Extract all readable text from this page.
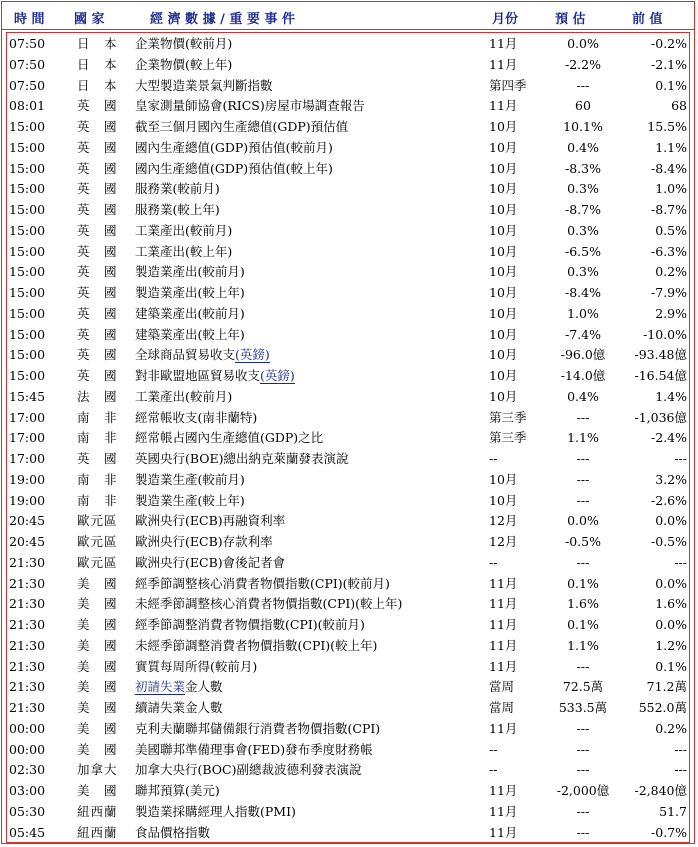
時 間 國 家	經 濟 數 據 / 重 要 事 件	月份	預 估	前 值
07:50	日　本 企業物價(較前月)	11月	0.0%	-0.2%
07:50	日　本 企業物價(較上年)	11月	-2.2%	-2.1%
07:50	日　本 大型製造業景氣判斷指數	第四季	---	0.1%
08:01	英　國 皇家測量師協會(RICS)房屋市場調查報告	11月	60	68
15:00	英　國 截至三個月國內生產總值(GDP)預估值	10月	10.1%	15.5%
15:00	英　國 國內生產總值(GDP)預估值(較前月)	10月	0.4%	1.1%
15:00	英　國 國內生產總值(GDP)預估值(較上年)	10月	-8.3%	-8.4%
15:00	英　國 服務業(較前月)	10月	0.3%	1.0%
15:00	英　國 服務業(較上年)	10月	-8.7%	-8.7%
15:00	英　國 工業產出(較前月)	10月	0.3%	0.5%
15:00	英　國 工業產出(較上年)	10月	-6.5%	-6.3%
15:00	英　國 製造業產出(較前月)	10月	0.3%	0.2%
15:00	英　國 製造業產出(較上年)	10月	-8.4%	-7.9%
15:00	英　國 建築業產出(較前月)	10月	1.0%	2.9%
15:00	英　國 建築業產出(較上年)	10月	-7.4%	-10.0%
15:00	英　國 全球商品貿易收支(英鎊)	10月	-96.0億	-93.48億
15:00	英　國 對非歐盟地區貿易收支(英鎊)	10月	-14.0億	-16.54億
15:45	法　國 工業產出(較前月)	10月	0.4%	1.4%
17:00	南　非 經常帳收支(南非蘭特)	第三季	---	-1,036億
17:00	南　非 經常帳占國內生產總值(GDP)之比	第三季	1.1%	-2.4%
17:00	英　國 英國央行(BOE)總出納克萊蘭發表演說	--	---	---
19:00	南　非 製造業生產(較前月)	10月	---	3.2%
19:00	南　非 製造業生產(較上年)	10月	---	-2.6%
20:45	歐元區 歐洲央行(ECB)再融資利率	12月	0.0%	0.0%
20:45	歐元區 歐洲央行(ECB)存款利率	12月	-0.5%	-0.5%
21:30	歐元區 歐洲央行(ECB)會後記者會	--	---	---
21:30	美　國 經季節調整核心消費者物價指數(CPI)(較前月)	11月	0.1%	0.0%
21:30	美　國 未經季節調整核心消費者物價指數(CPI)(較上年)	11月	1.6%	1.6%
21:30	美　國 經季節調整消費者物價指數(CPI)(較前月)	11月	0.1%	0.0%
21:30	美　國 未經季節調整消費者物價指數(CPI)(較上年)	11月	1.1%	1.2%
21:30	美　國 實質每周所得(較前月)	11月	---	0.1%
21:30	美　國 初請失業金人數	當周	72.5萬	71.2萬
21:30	美　國 續請失業金人數	當周	533.5萬	552.0萬
00:00	美　國 克利夫蘭聯邦儲備銀行消費者物價指數(CPI)	11月	---	0.2%
00:00	美　國 美國聯邦準備理事會(FED)發布季度財務帳	--	---	---
02:30	加拿大 加拿大央行(BOC)副總裁波德利發表演說	--	---	---
03:00	美　國 聯邦預算(美元)	11月	-2,000億	-2,840億
05:30	紐西蘭 製造業採購經理人指數(PMI)	11月	---	51.7
05:45	紐西蘭 食品價格指數	11月	---	-0.7%
